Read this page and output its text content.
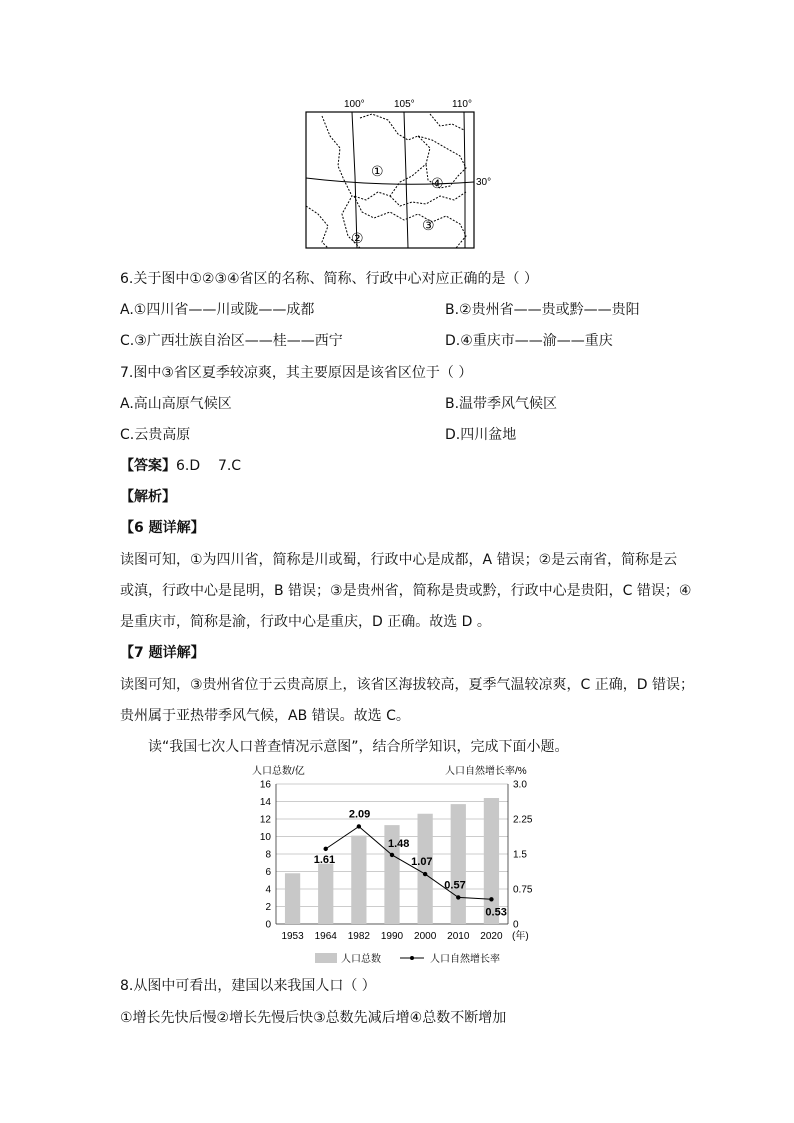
100°	105°	110°
30°
①
②
③
④
6.关于图中①②③④省区的名称、简称、行政中心对应正确的是（ ）
A.①四川省——川或陇——成都	B.②贵州省——贵或黔——贵阳
C.③广西壮族自治区——桂——西宁	D.④重庆市——渝——重庆
7.图中③省区夏季较凉爽，其主要原因是该省区位于（ ）
A.高山高原气候区	B.温带季风气候区
C.云贵高原	D.四川盆地
【答案】6.D    7.C
【解析】
【6 题详解】
读图可知，①为四川省，简称是川或蜀，行政中心是成都，A 错误；②是云南省，简称是云
或滇，行政中心是昆明，B 错误；③是贵州省，简称是贵或黔，行政中心是贵阳，C 错误；④
是重庆市，简称是渝，行政中心是重庆，D 正确。故选 D 。
【7 题详解】
读图可知，③贵州省位于云贵高原上，该省区海拔较高，夏季气温较凉爽，C 正确，D 错误；
贵州属于亚热带季风气候，AB 错误。故选 C。
读“我国七次人口普查情况示意图”，结合所学知识，完成下面小题。
人口总数/亿	人口自然增长率/%
1.61
2.09
1.48
1.07
0.57
0.53
0
2
4
6
8
10
12
14
16
0
0.75
1.5
2.25
3.0
1953 1964 1982 1990 2000 2010 2020 (年)
人口总数	人口自然增长率
8.从图中可看出，建国以来我国人口（ ）
①增长先快后慢②增长先慢后快③总数先减后增④总数不断增加
